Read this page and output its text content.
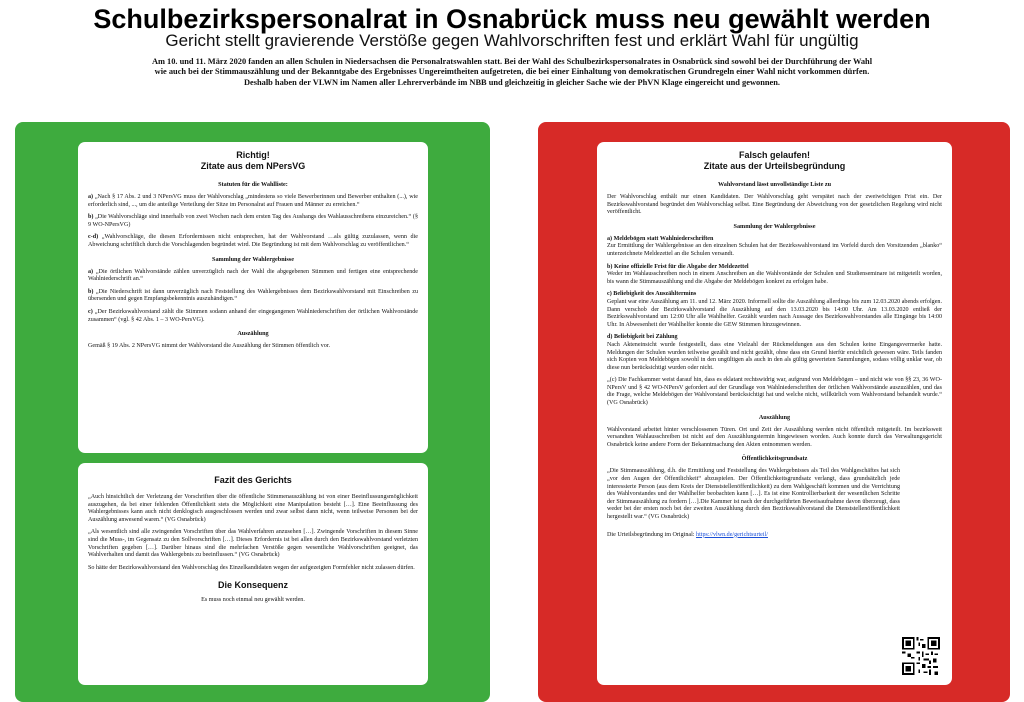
Schulbezirkspersonalrat in Osnabrück muss neu gewählt werden
Gericht stellt gravierende Verstöße gegen Wahlvorschriften fest und erklärt Wahl für ungültig
Am 10. und 11. März 2020 fanden an allen Schulen in Niedersachsen die Personalratswahlen statt. Bei der Wahl des Schulbezirkspersonalrates in Osnabrück sind sowohl bei der Durchführung der Wahl wie auch bei der Stimmauszählung und der Bekanntgabe des Ergebnisses Ungereimtheiten aufgetreten, die bei einer Einhaltung von demokratischen Grundregeln einer Wahl nicht vorkommen dürfen. Deshalb haben der VLWN im Namen aller Lehrerverbände im NBB und gleichzeitig in gleicher Sache wie der PhVN Klage eingereicht und gewonnen.
Richtig!
Zitate aus dem NPersVG
Statuten für die Wahlliste:

a) „Nach § 17 Abs. 2 und 3 NPersVG muss der Wahlvorschlag „mindestens so viele Bewerberinnen und Bewerber enthalten (...), wie erforderlich sind, ..., um die anteilige Verteilung der Sitze im Personalrat auf Frauen und Männer zu erreichen.“

b) „Die Wahlvorschläge sind innerhalb von zwei Wochen nach dem ersten Tag des Aushangs des Wahlausschreibens einzureichen.“ (§ 9 WO-NPersVG)

c-d) „Wahlvorschläge, die diesen Erfordernissen nicht entsprechen, hat der Wahlvorstand …als gültig zuzulassen, wenn die Abweichung schriftlich durch die Vorschlagenden begründet wird. Die Begründung ist mit dem Wahlvorschlag zu veröffentlichen.“

Sammlung der Wahlergebnisse

a) „Die örtlichen Wahlvorstände zählen unverzüglich nach der Wahl die abgegebenen Stimmen und fertigen eine entsprechende Wahlniederschrift an.“

b) „Die Niederschrift ist dann unverzüglich nach Feststellung des Wahlergebnisses dem Bezirkswahlvorstand mit Einschreiben zu übersenden und gegen Empfangsbekenntnis auszuhändigen.“

c) „Der Bezirkswahlvorstand zählt die Stimmen sodann anhand der eingegangenen Wahlniederschriften der örtlichen Wahlvorstände zusammen“ (vgl. § 42 Abs. 1 – 3 WO-PersVG).

Auszählung

Gemäß § 19 Abs. 2 NPersVG nimmt der Wahlvorstand die Auszählung der Stimmen öffentlich vor.

Fazit des Gerichts

„Auch hinsichtlich der Verletzung der Vorschriften über die öffentliche Stimmenauszählung ist von einer Beeinflussungsmöglichkeit auszugehen, da bei einer fehlenden Öffentlichkeit stets die Möglichkeit eine Manipulation besteht […]. Eine Beeinflussung des Wahlergebnisses kann auch nicht denklogisch ausgeschlossen werden und zwar selbst dann nicht, wenn teilweise Personen bei der Auszählung anwesend waren.“ (VG Osnabrück)

„Als wesentlich sind alle zwingenden Vorschriften über das Wahlverfahren anzusehen […]. Zwingende Vorschriften in diesem Sinne sind die Muss-, im Gegensatz zu den Sollvorschriften […]. Dieses Erfordernis ist bei allen durch den Bezirkswahlvorstand verletzten Vorschriften gegeben […]. Darüber hinaus sind die mehrfachen Verstöße gegen wesentliche Wahlvorschriften geeignet, das Wahlverhalten und damit das Wahlergebnis zu beeinflussen.“ (VG Osnabrück)

So hätte der Bezirkswahlvorstand den Wahlvorschlag des Einzelkandidaten wegen der aufgezeigten Formfehler nicht zulassen dürfen.

Die Konsequenz

Es muss noch einmal neu gewählt werden.

Falsch gelaufen!
Zitate aus der Urteilsbegründung
Wahlvorstand lässt unvollständige Liste zu

Der Wahlvorschlag enthält nur einen Kandidaten. Der Wahlvorschlag geht verspätet nach der zweiwöchigen Frist ein. Der Bezirkswahlvorstand begründet den Wahlvorschlag selbst. Eine Begründung der Abweichung von der gesetzlichen Regelung wird nicht veröffentlicht.

Sammlung der Wahlergebnisse

a) Meldebögen statt Wahlniederschriften
Zur Ermittlung der Wahlergebnisse an den einzelnen Schulen hat der Bezirkswahlvorstand im Vorfeld durch den Vorsitzenden „blanko“ unterzeichnete Meldezettel an die Schulen versandt.

b) Keine offizielle Frist für die Abgabe der Meldezettel
Weder im Wahlausschreiben noch in einem Anschreiben an die Wahlvorstände der Schulen und Studienseminare ist mitgeteilt worden, bis wann die Stimmauszählung und die Abgabe der Meldebögen konkret zu erfolgen habe.

c) Beliebigkeit des Auszähltermins
Geplant war eine Auszählung am 11. und 12. März 2020. Informell sollte die Auszählung allerdings bis zum 12.03.2020 abends erfolgen. Dann verschob der Bezirkswahlvorstand die Auszählung auf den 13.03.2020 bis 14:00 Uhr. Am 13.03.2020 entließ der Bezirkswahlvorstand um 12:00 Uhr alle Wahlhelfer. Gezählt wurden nach Aussage des Bezirkswahlvorstandes alle Eingänge bis 14:00 Uhr. In Abwesenheit der Wahlhelfer konnte die GEW Stimmen hinzugewinnen.

d) Beliebigkeit bei Zählung
Nach Akteneinsicht wurde festgestellt, dass eine Vielzahl der Rückmeldungen aus den Schulen keine Eingangsvermerke hatte. Meldungen der Schulen wurden teilweise gezählt und nicht gezählt, ohne dass ein Grund hierfür ersichtlich gewesen wäre. Teils fanden sich Kopien von Meldebögen sowohl in den ungültigen als auch in den als gültig gewerteten Sammlungen, sodass völlig unklar war, ob diese nun berücksichtigt wurden oder nicht.

„(c) Die Fachkammer weist darauf hin, dass es eklatant rechtswidrig war, aufgrund von Meldebögen – und nicht wie von §§ 23, 36 WO-NPersV und § 42 WO-NPersV gefordert auf der Grundlage von Wahlniederschriften der örtlichen Wahlvorstände auszuzählen, und das die Frage, welche Meldebögen der Wahlvorstand berücksichtigt hat und welche nicht, willkürlich vom Wahlvorstand behandelt wurde.“ (VG Osnabrück)

Auszählung

Wahlvorstand arbeitet hinter verschlossenen Türen. Ort und Zeit der Auszählung werden nicht öffentlich mitgeteilt. Im bezirksweit versandten Wahlausschreiben ist nicht auf den Auszählungstermin hingewiesen worden. Auch konnte durch das Verwaltungsgericht Osnabrück keine andere Form der Bekanntmachung den Akten entnommen werden.

Öffentlichkeitsgrundsatz

„Die Stimmauszählung, d.h. die Ermittlung und Feststellung des Wahlergebnisses als Teil des Wahlgeschäftes hat sich „vor den Augen der Öffentlichkeit“ abzuspielen. Der Öffentlichkeitsgrundsatz verlangt, dass grundsätzlich jede interessierte Person (aus dem Kreis der Dienststellenöffentlichkeit) zu dem Wahlgeschäft kommen und die Verrichtung des Wahlvorstandes und der Wahlhelfer beobachten kann […]. Es ist eine Kontrollierbarkeit der wesentlichen Schritte der Stimmauszählung zu fordern […].Die Kammer ist nach der durchgeführten Beweisaufnahme davon überzeugt, dass weder bei der ersten noch bei der zweiten Auszählung durch den Bezirkswahlvorstand die Dienststellenöffentlichkeit hergestellt war.“ (VG Osnabrück)

Die Urteilsbegründung im Original: https://vlwn.de/gerichtsurteil/
